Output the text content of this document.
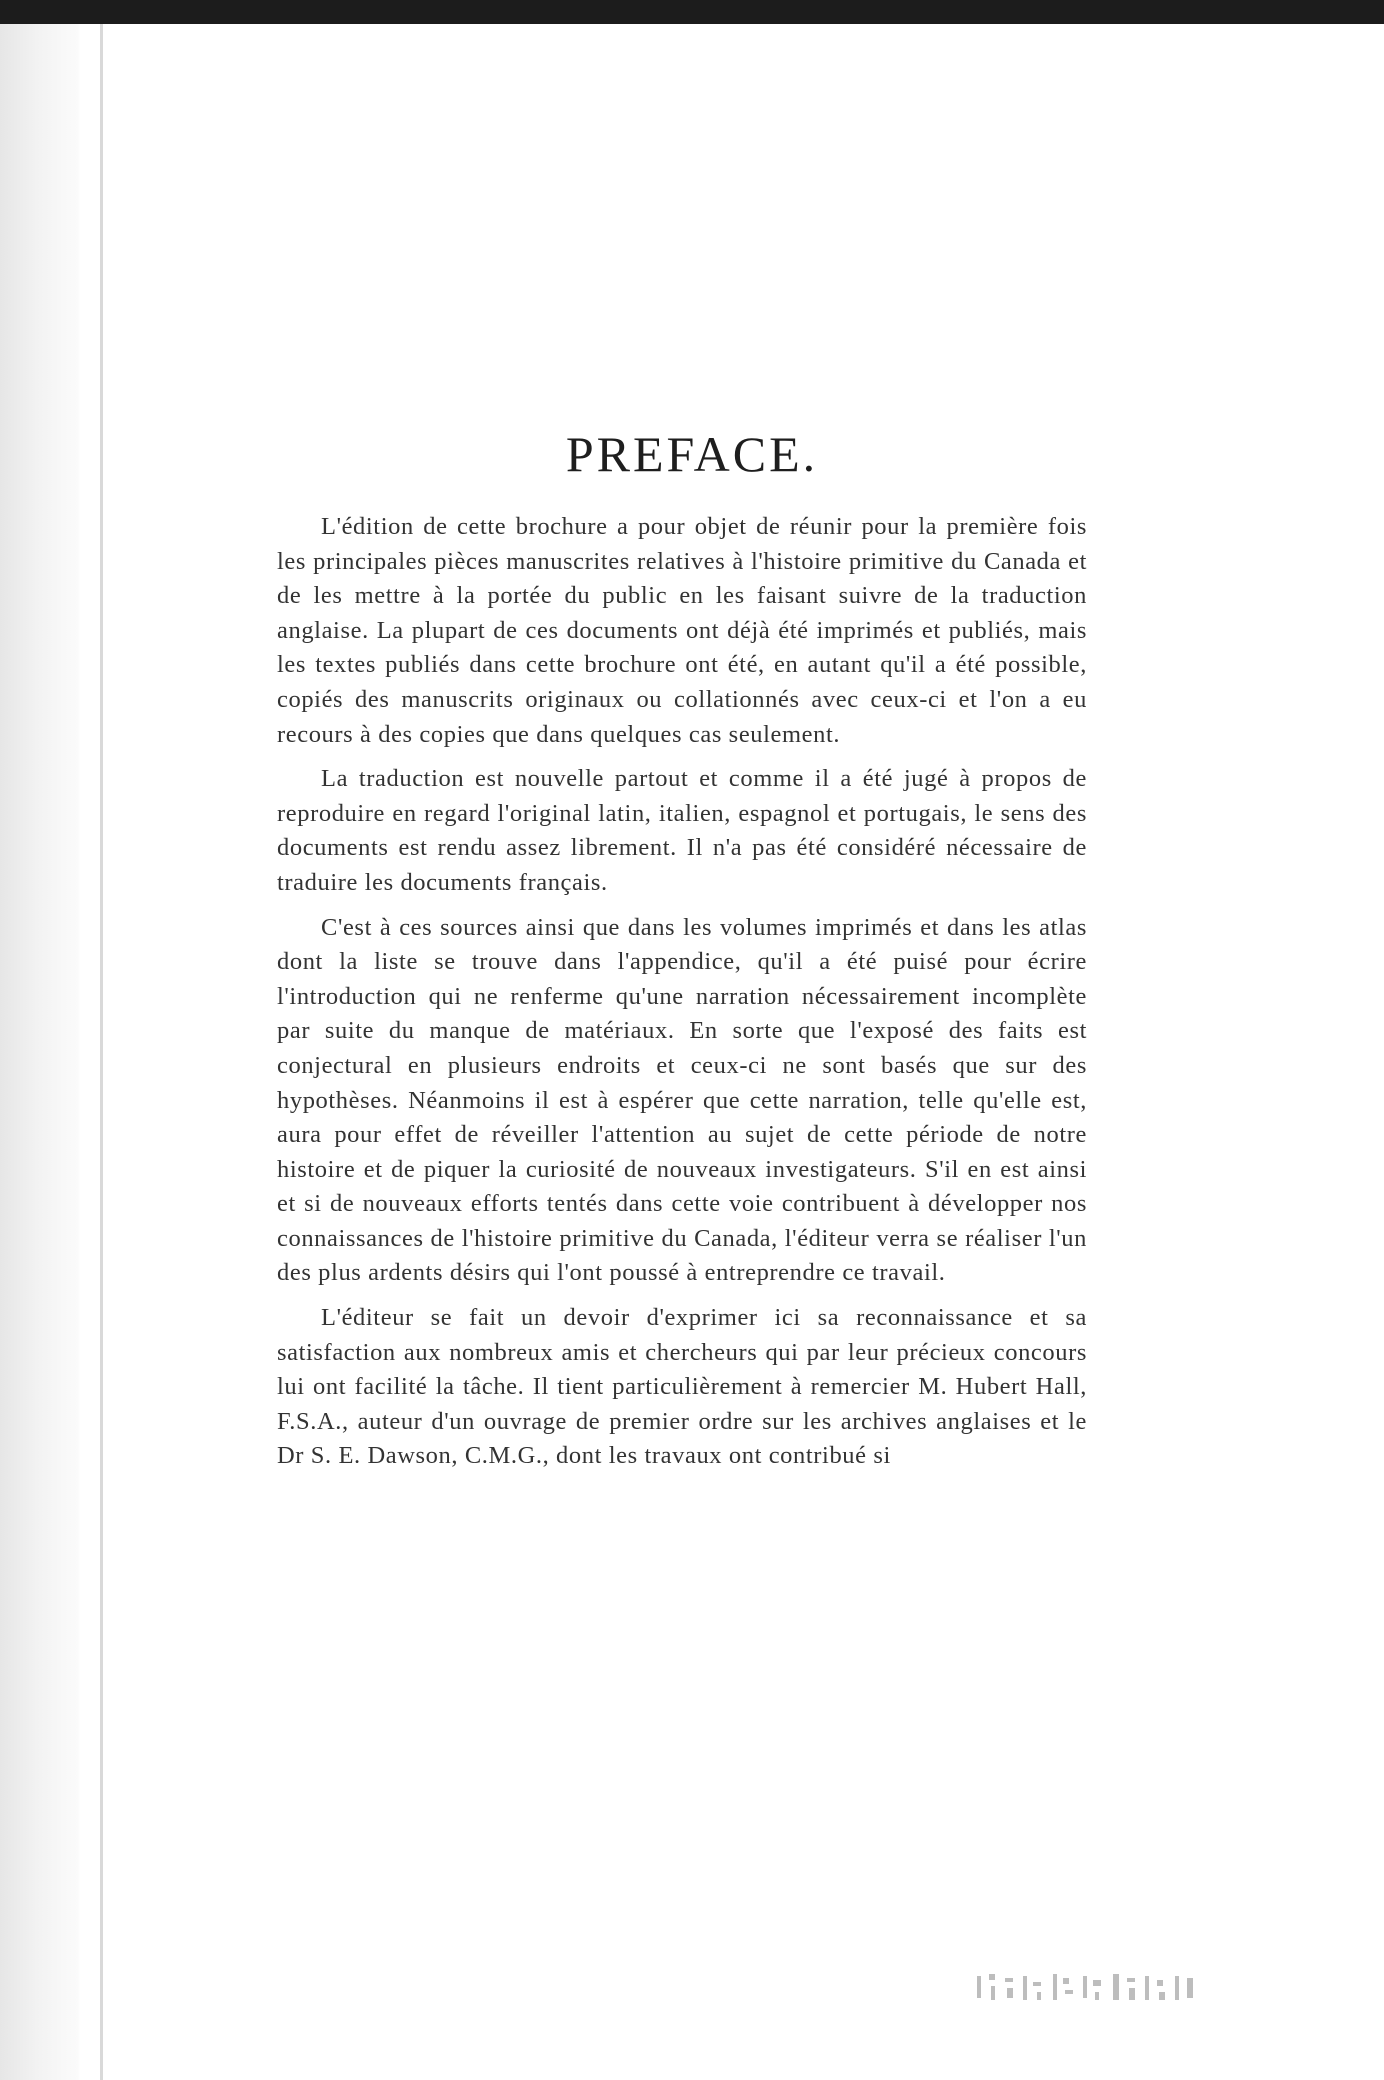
PREFACE.

L'édition de cette brochure a pour objet de réunir pour la première fois les principales pièces manuscrites relatives à l'histoire primitive du Canada et de les mettre à la portée du public en les faisant suivre de la traduction anglaise. La plupart de ces documents ont déjà été imprimés et publiés, mais les textes publiés dans cette brochure ont été, en autant qu'il a été possible, copiés des manuscrits originaux ou collationnés avec ceux-ci et l'on a eu recours à des copies que dans quelques cas seulement.

La traduction est nouvelle partout et comme il a été jugé à propos de reproduire en regard l'original latin, italien, espagnol et portugais, le sens des documents est rendu assez librement. Il n'a pas été considéré nécessaire de traduire les documents français.

C'est à ces sources ainsi que dans les volumes imprimés et dans les atlas dont la liste se trouve dans l'appendice, qu'il a été puisé pour écrire l'introduction qui ne renferme qu'une narration nécessairement incomplète par suite du manque de matériaux. En sorte que l'exposé des faits est conjectural en plusieurs endroits et ceux-ci ne sont basés que sur des hypothèses. Néanmoins il est à espérer que cette narration, telle qu'elle est, aura pour effet de réveiller l'attention au sujet de cette période de notre histoire et de piquer la curiosité de nouveaux investigateurs. S'il en est ainsi et si de nouveaux efforts tentés dans cette voie contribuent à développer nos connaissances de l'histoire primitive du Canada, l'éditeur verra se réaliser l'un des plus ardents désirs qui l'ont poussé à entreprendre ce travail.

L'éditeur se fait un devoir d'exprimer ici sa reconnaissance et sa satisfaction aux nombreux amis et chercheurs qui par leur précieux concours lui ont facilité la tâche. Il tient particulièrement à remercier M. Hubert Hall, F.S.A., auteur d'un ouvrage de premier ordre sur les archives anglaises et le Dr S. E. Dawson, C.M.G., dont les travaux ont contribué si
